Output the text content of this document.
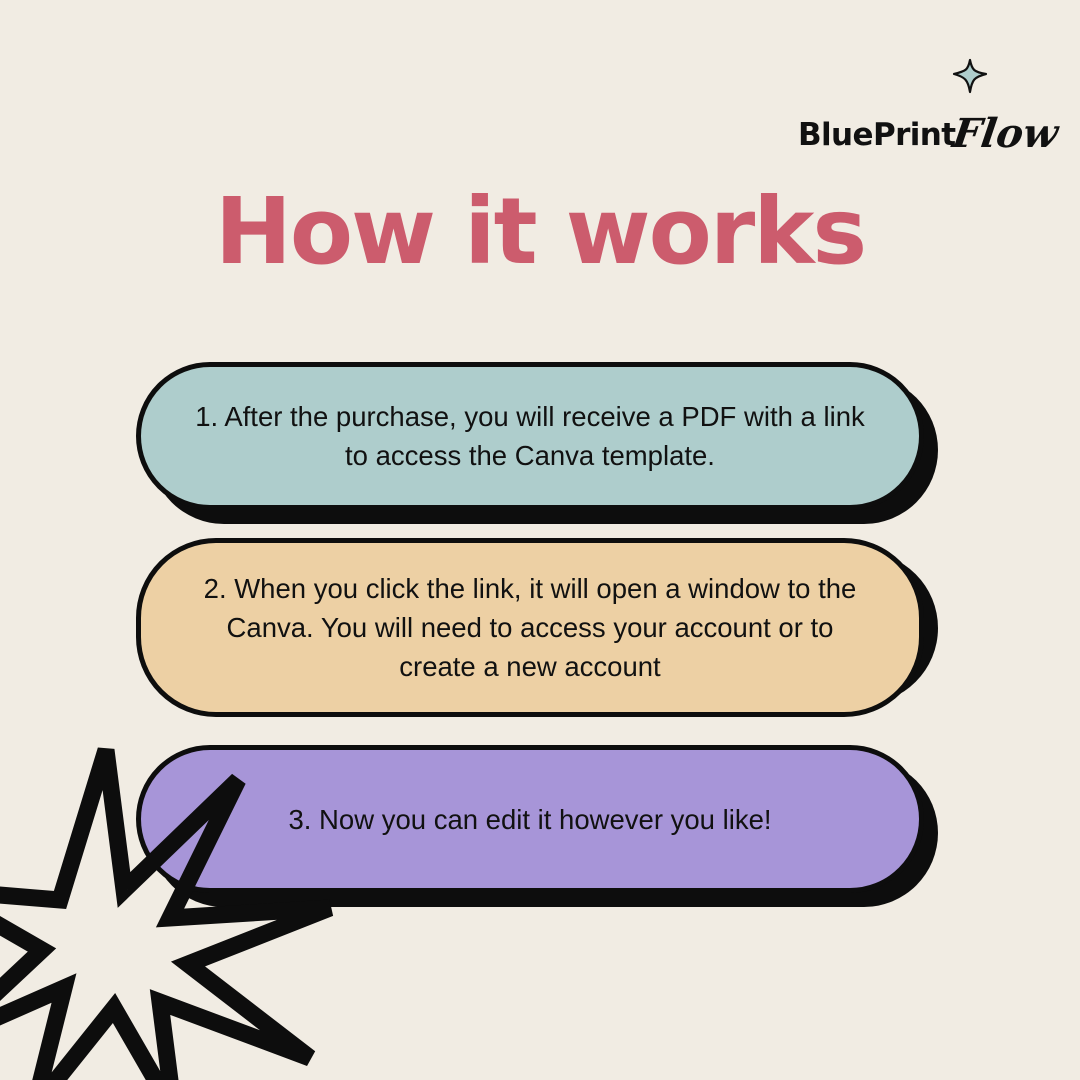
BluePrint
Flow
How it works
1. After the purchase, you will receive a PDF with a link to access the Canva template.
2. When you click the link, it will open a window to the Canva. You will need to access your account or to create a new account
3. Now you can edit it however you like!
